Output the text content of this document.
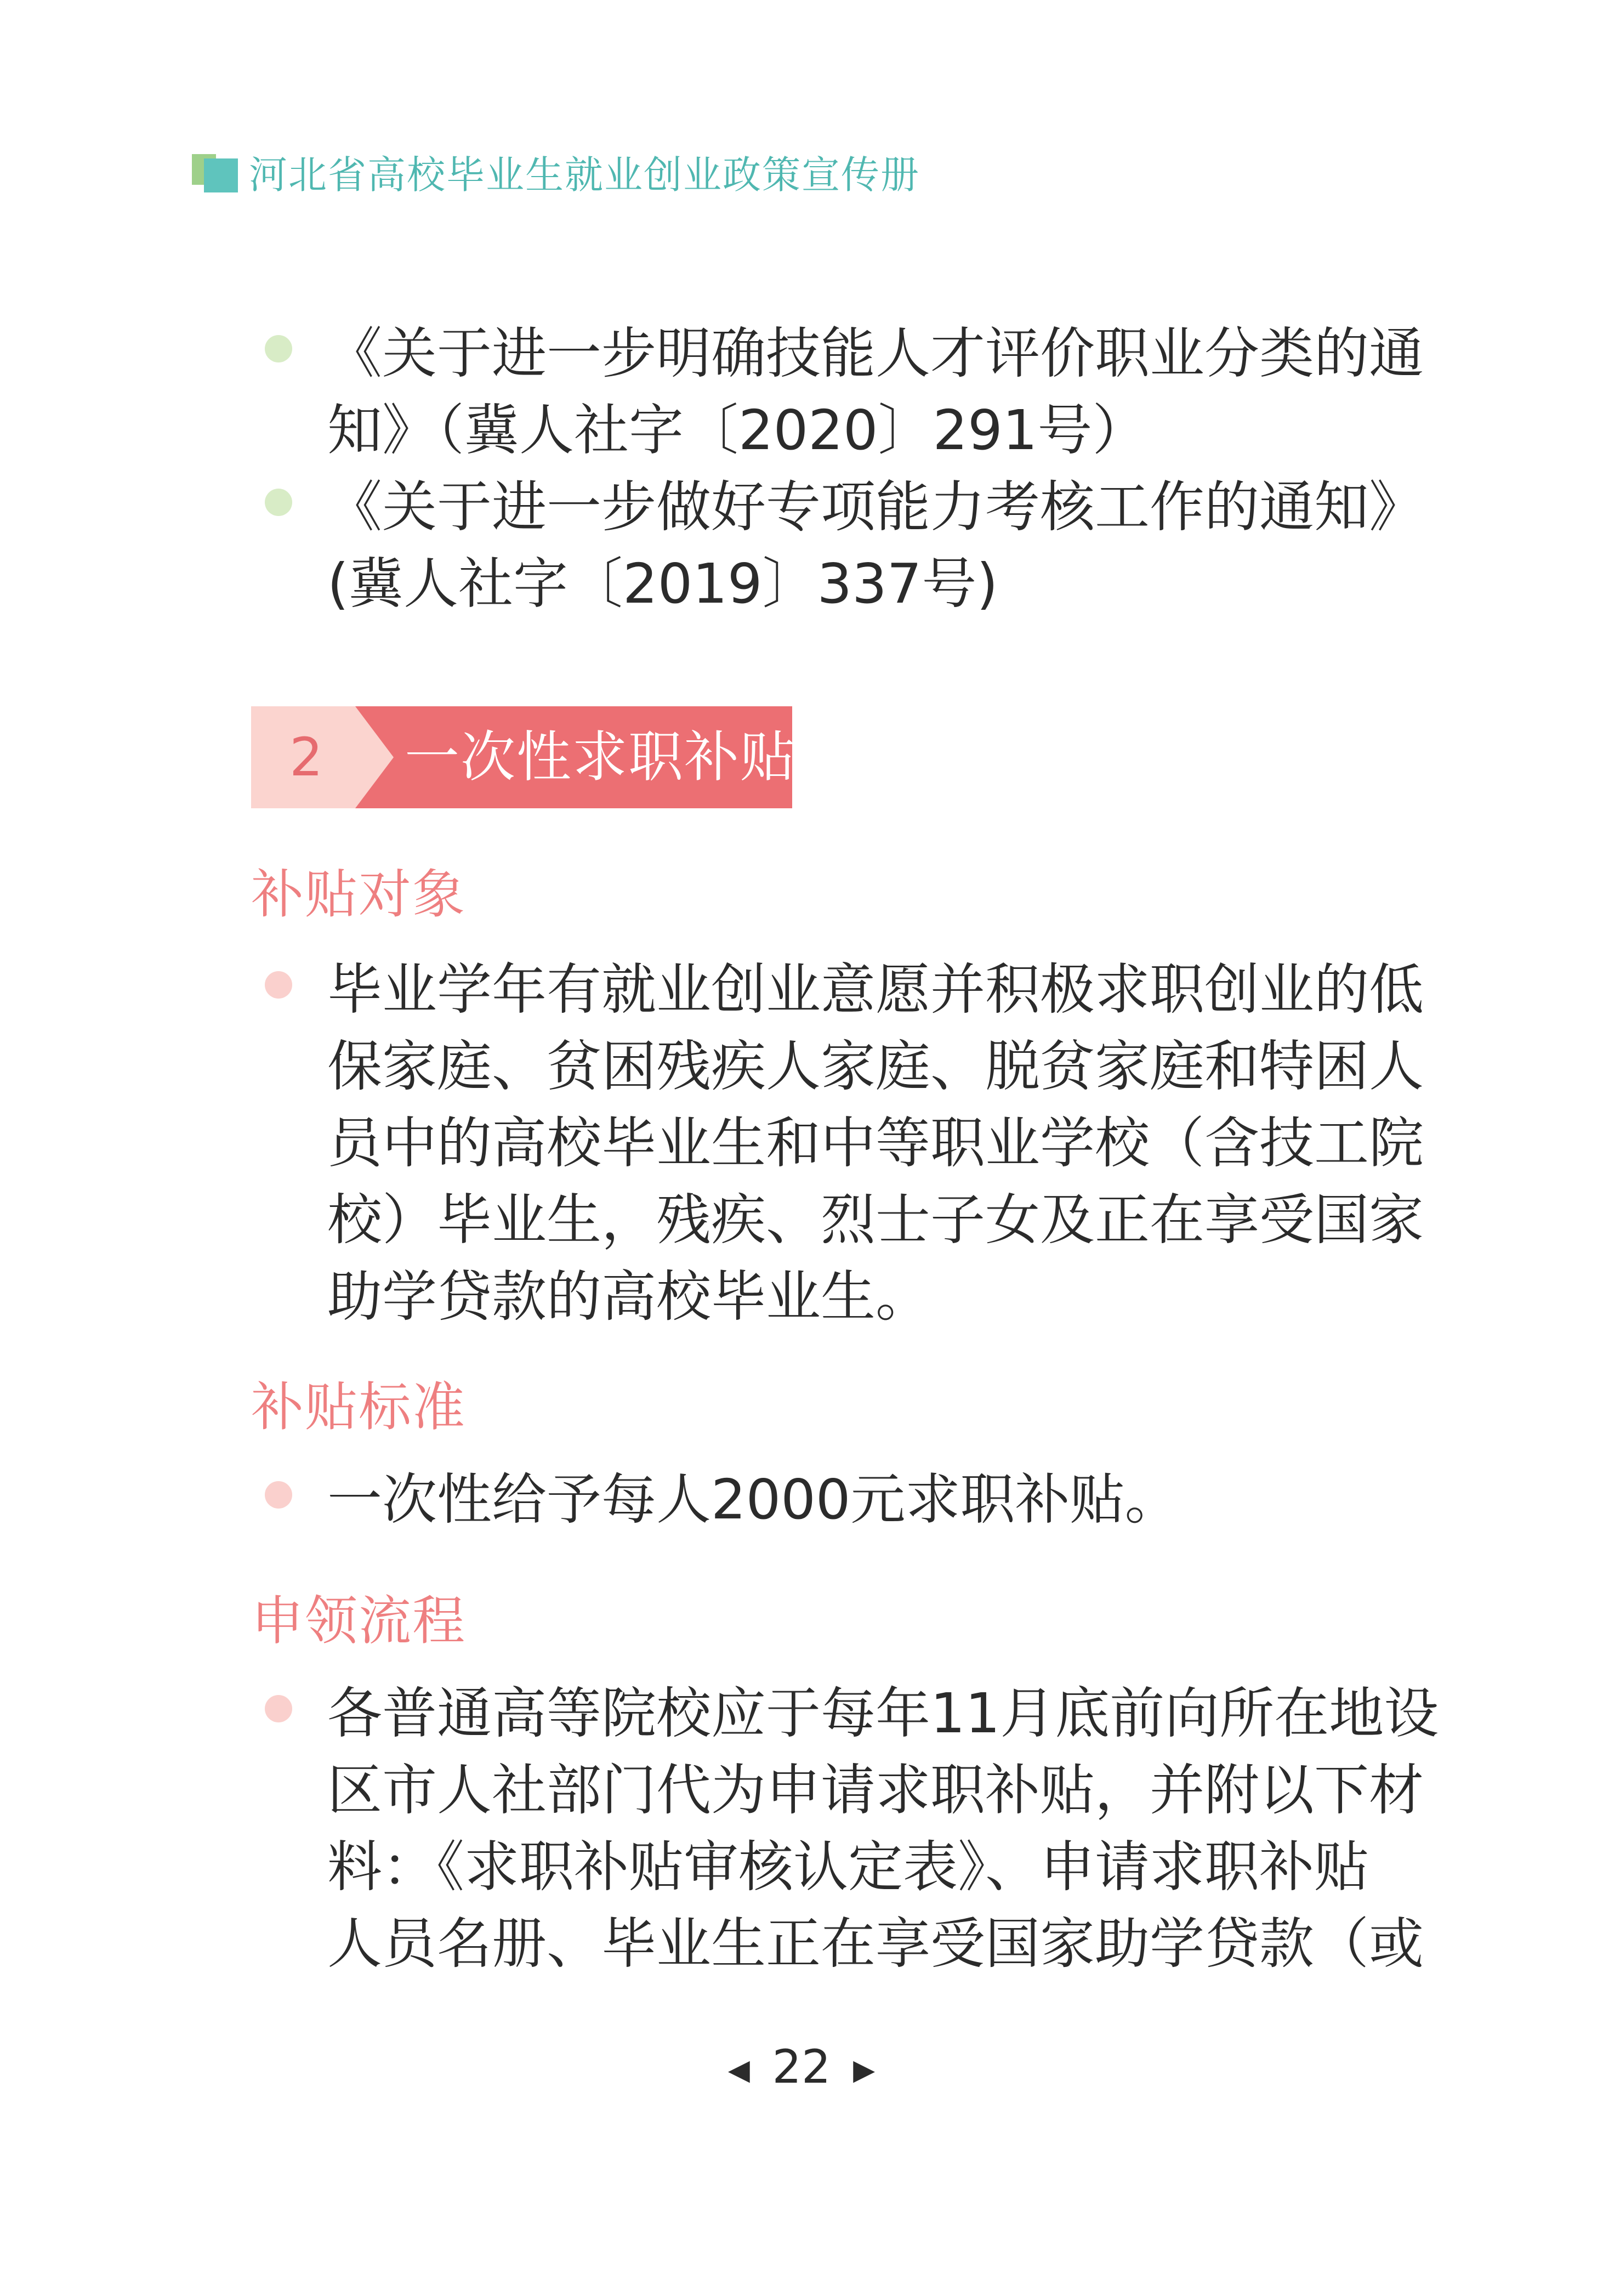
河北省高校毕业生就业创业政策宣传册
《关于进一步明确技能人才评价职业分类的通
知》（冀人社字〔2020〕291号）
《关于进一步做好专项能力考核工作的通知》
(冀人社字〔2019〕337号)
2 一次性求职补贴
补贴对象
毕业学年有就业创业意愿并积极求职创业的低
保家庭、贫困残疾人家庭、脱贫家庭和特困人
员中的高校毕业生和中等职业学校（含技工院
校）毕业生，残疾、烈士子女及正在享受国家
助学贷款的高校毕业生。
补贴标准
一次性给予每人2000元求职补贴。
申领流程
各普通高等院校应于每年11月底前向所在地设
区市人社部门代为申请求职补贴，并附以下材
料：《求职补贴审核认定表》、申请求职补贴
人员名册、毕业生正在享受国家助学贷款（或
◀ 22 ▶
